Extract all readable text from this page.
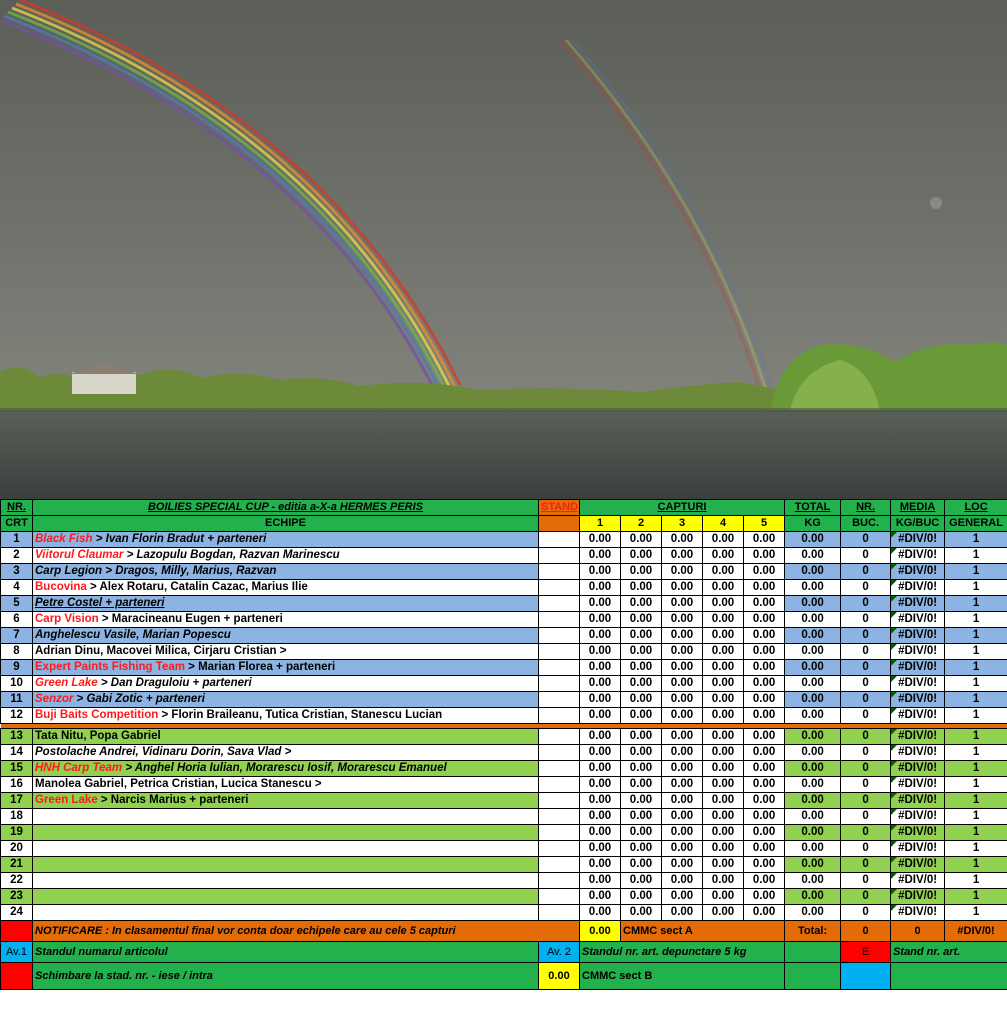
NR.	BOILIES SPECIAL CUP - editia a-X-a HERMES PERIS	STAND	CAPTURI					TOTAL	NR.	MEDIA	LOC
CRT	ECHIPE		1	2	3	4	5	KG	BUC.	KG/BUC	GENERAL
1	Black Fish > Ivan Florin Bradut + parteneri		0.00	0.00	0.00	0.00	0.00	0.00	0	#DIV/0!	1
2	Viitorul Claumar > Lazopulu Bogdan, Razvan Marinescu		0.00	0.00	0.00	0.00	0.00	0.00	0	#DIV/0!	1
3	Carp Legion > Dragos, Milly, Marius, Razvan		0.00	0.00	0.00	0.00	0.00	0.00	0	#DIV/0!	1
4	Bucovina > Alex Rotaru, Catalin Cazac, Marius Ilie		0.00	0.00	0.00	0.00	0.00	0.00	0	#DIV/0!	1
5	Petre Costel + parteneri		0.00	0.00	0.00	0.00	0.00	0.00	0	#DIV/0!	1
6	Carp Vision > Maracineanu Eugen + parteneri		0.00	0.00	0.00	0.00	0.00	0.00	0	#DIV/0!	1
7	Anghelescu Vasile, Marian Popescu		0.00	0.00	0.00	0.00	0.00	0.00	0	#DIV/0!	1
8	Adrian Dinu, Macovei Milica, Cirjaru Cristian >		0.00	0.00	0.00	0.00	0.00	0.00	0	#DIV/0!	1
9	Expert Paints Fishing Team > Marian Florea + parteneri		0.00	0.00	0.00	0.00	0.00	0.00	0	#DIV/0!	1
10	Green Lake > Dan Draguloiu + parteneri		0.00	0.00	0.00	0.00	0.00	0.00	0	#DIV/0!	1
11	Senzor > Gabi Zotic + parteneri		0.00	0.00	0.00	0.00	0.00	0.00	0	#DIV/0!	1
12	Buji Baits Competition > Florin Braileanu, Tutica Cristian, Stanescu Lucian		0.00	0.00	0.00	0.00	0.00	0.00	0	#DIV/0!	1

13	Tata Nitu, Popa Gabriel		0.00	0.00	0.00	0.00	0.00	0.00	0	#DIV/0!	1
14	Postolache Andrei, Vidinaru Dorin, Sava Vlad >		0.00	0.00	0.00	0.00	0.00	0.00	0	#DIV/0!	1
15	HNH Carp Team > Anghel Horia Iulian, Morarescu Iosif, Morarescu Emanuel		0.00	0.00	0.00	0.00	0.00	0.00	0	#DIV/0!	1
16	Manolea Gabriel, Petrica Cristian, Lucica Stanescu >		0.00	0.00	0.00	0.00	0.00	0.00	0	#DIV/0!	1
17	Green Lake > Narcis Marius + parteneri		0.00	0.00	0.00	0.00	0.00	0.00	0	#DIV/0!	1
18			0.00	0.00	0.00	0.00	0.00	0.00	0	#DIV/0!	1
19			0.00	0.00	0.00	0.00	0.00	0.00	0	#DIV/0!	1
20			0.00	0.00	0.00	0.00	0.00	0.00	0	#DIV/0!	1
21			0.00	0.00	0.00	0.00	0.00	0.00	0	#DIV/0!	1
22			0.00	0.00	0.00	0.00	0.00	0.00	0	#DIV/0!	1
23			0.00	0.00	0.00	0.00	0.00	0.00	0	#DIV/0!	1
24			0.00	0.00	0.00	0.00	0.00	0.00	0	#DIV/0!	1
	NOTIFICARE : In clasamentul final vor conta doar echipele care au cele 5 capturi		0.00	CMMC sect A				Total:	0	0	#DIV/0!
Av.1	Standul numarul articolul	Av. 2	Standul nr. art. depunctare 5 kg						E	Stand nr. art.	
	Schimbare la stad. nr. - iese / intra	0.00	CMMC sect B								
